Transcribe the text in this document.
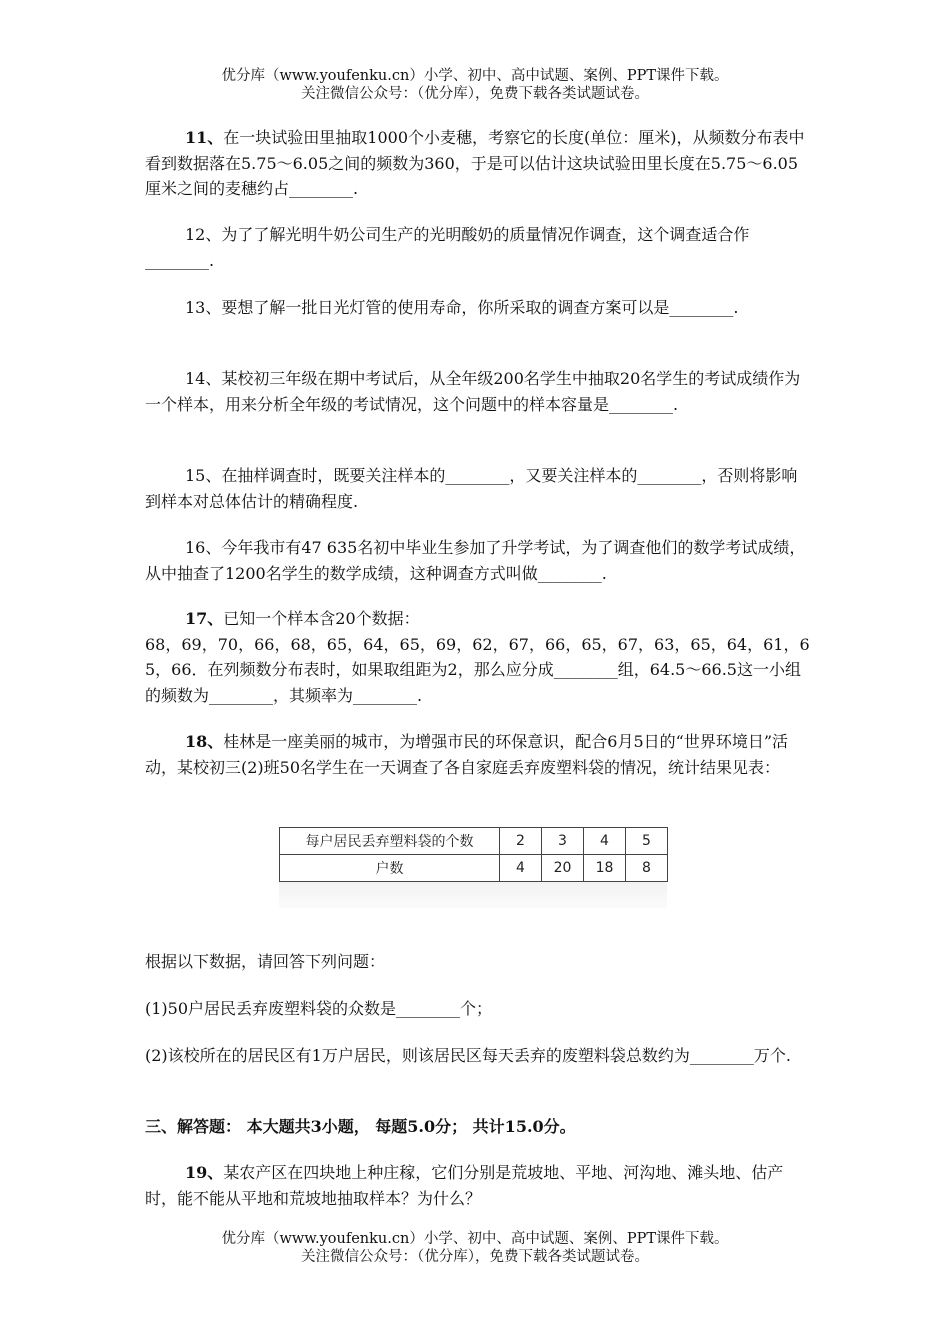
优分库（www.youfenku.cn）小学、初中、高中试题、案例、PPT课件下载。
关注微信公众号：（优分库），免费下载各类试题试卷。

11、在一块试验田里抽取1000个小麦穗，考察它的长度(单位：厘米)，从频数分布表中看到数据落在5.75～6.05之间的频数为360，于是可以估计这块试验田里长度在5.75～6.05厘米之间的麦穗约占________.

12、为了了解光明牛奶公司生产的光明酸奶的质量情况作调查，这个调查适合作________.

13、要想了解一批日光灯管的使用寿命，你所采取的调查方案可以是________.

14、某校初三年级在期中考试后，从全年级200名学生中抽取20名学生的考试成绩作为一个样本，用来分析全年级的考试情况，这个问题中的样本容量是________.

15、在抽样调查时，既要关注样本的________，又要关注样本的________，否则将影响到样本对总体估计的精确程度.

16、今年我市有47 635名初中毕业生参加了升学考试，为了调查他们的数学考试成绩，从中抽查了1200名学生的数学成绩，这种调查方式叫做________.

17、已知一个样本含20个数据：

68，69，70，66，68，65，64，65，69，62，67，66，65，67，63，65，64，61，65，66．在列频数分布表时，如果取组距为2，那么应分成________组，64.5～66.5这一小组的频数为________，其频率为________.

18、桂林是一座美丽的城市，为增强市民的环保意识，配合6月5日的“世界环境日”活动，某校初三(2)班50名学生在一天调查了各自家庭丢弃废塑料袋的情况，统计结果见表：

每户居民丢弃塑料袋的个数	2	3	4	5
户数	4	20	18	8

根据以下数据，请回答下列问题：

(1)50户居民丢弃废塑料袋的众数是________个；

(2)该校所在的居民区有1万户居民，则该居民区每天丢弃的废塑料袋总数约为________万个.

三、解答题： 本大题共3小题， 每题5.0分； 共计15.0分。

19、某农产区在四块地上种庄稼，它们分别是荒坡地、平地、河沟地、滩头地、估产时，能不能从平地和荒坡地抽取样本？为什么？

优分库（www.youfenku.cn）小学、初中、高中试题、案例、PPT课件下载。
关注微信公众号：（优分库），免费下载各类试题试卷。
